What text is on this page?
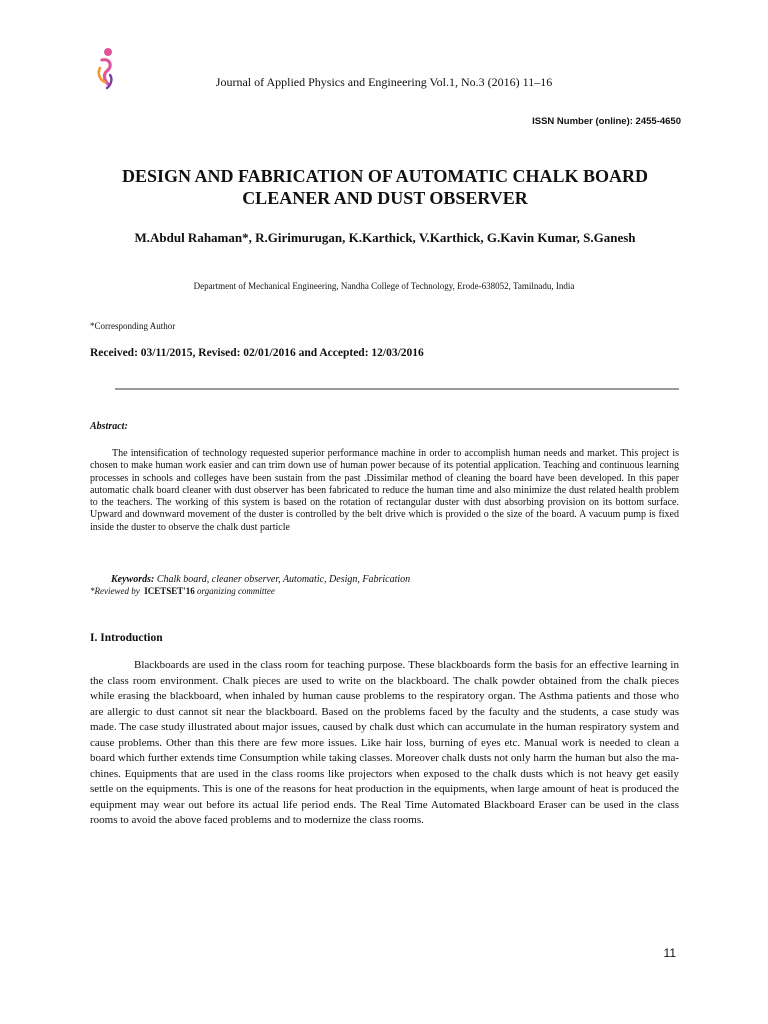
Journal of Applied Physics and Engineering Vol.1, No.3 (2016) 11–16
ISSN Number (online): 2455-4650
DESIGN AND FABRICATION OF AUTOMATIC CHALK BOARD CLEANER AND DUST OBSERVER
M.Abdul Rahaman*, R.Girimurugan, K.Karthick, V.Karthick, G.Kavin Kumar, S.Ganesh
Department of Mechanical Engineering, Nandha College of Technology, Erode-638052, Tamilnadu, India
*Corresponding Author
Received: 03/11/2015, Revised: 02/01/2016 and Accepted: 12/03/2016
Abstract:

The intensification of technology requested superior performance machine in order to accomplish human needs and market. This project is chosen to make human work easier and can trim down use of human power because of its potential application. Teaching and continuous learning processes in schools and colleges have been sustain from the past .Dissimilar method of cleaning the board have been developed. In this paper automatic chalk board cleaner with dust observer has been fabricated to reduce the human time and also minimize the dust related health problem to the teachers. The working of this system is based on the rotation of rectangular duster with dust absorbing provision on its bottom surface. Upward and downward movement of the duster is controlled by the belt drive which is provided o the size of the board. A vacuum pump is fixed inside the duster to observe the chalk dust particle

Keywords: Chalk board, cleaner observer, Automatic, Design, Fabrication
*Reviewed by ICETSET'16 organizing committee
I. Introduction

Blackboards are used in the class room for teaching purpose. These blackboards form the basis for an effective learning in the class room environment. Chalk pieces are used to write on the blackboard. The chalk powder obtained from the chalk pieces while erasing the blackboard, when inhaled by human cause problems to the respiratory organ. The Asthma patients and those who are allergic to dust cannot sit near the blackboard. Based on the problems faced by the faculty and the students, a case study was made. The case study illustrated about major issues, caused by chalk dust which can accumulate in the human respiratory system and cause problems. Other than this there are few more issues. Like hair loss, burning of eyes etc. Manual work is needed to clean a board which further extends time Consumption while taking classes. Moreover chalk dusts not only harm the human but also the machines. Equipments that are used in the class rooms like projectors when exposed to the chalk dusts which is not heavy get easily settle on the equipments. This is one of the reasons for heat production in the equipments, when large amount of heat is produced the equipment may wear out before its actual life period ends. The Real Time Automated Blackboard Eraser can be used in the class rooms to avoid the above faced problems and to modernize the class rooms.

11
